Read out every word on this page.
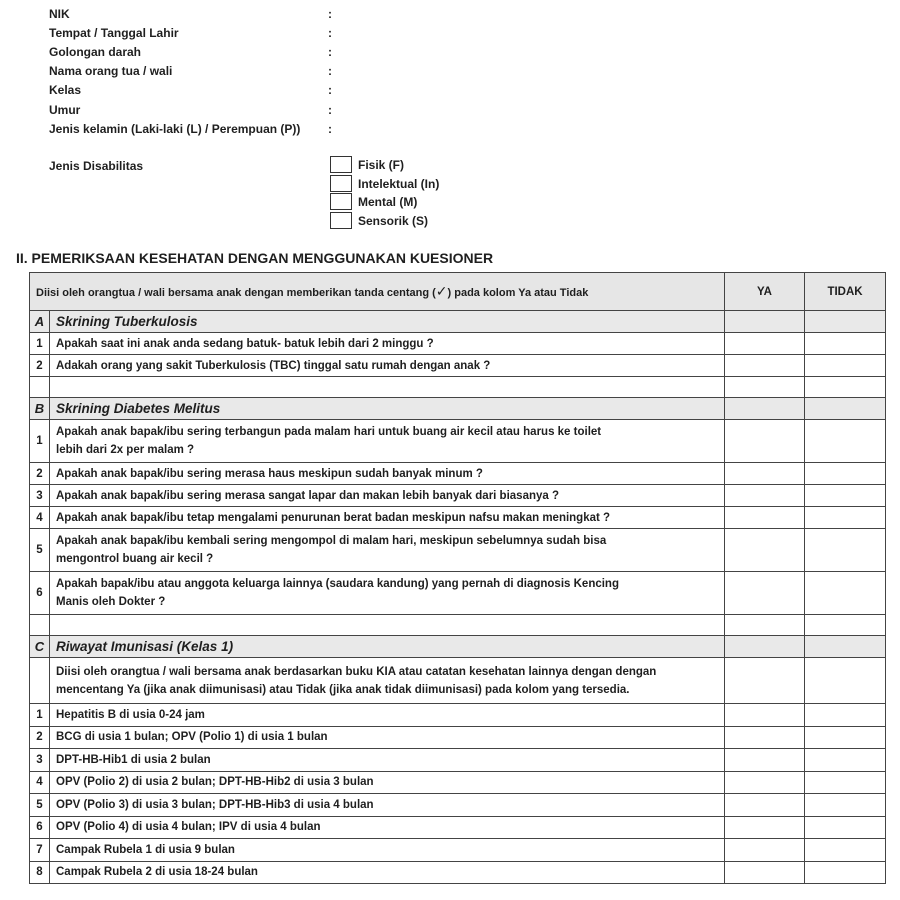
NIK	:
Tempat / Tanggal Lahir	:
Golongan darah	:
Nama orang tua / wali	:
Kelas	:
Umur	:
Jenis kelamin (Laki-laki (L) / Perempuan (P)) :
Jenis Disabilitas	Fisik (F)
Intelektual (In)
Mental (M)
Sensorik (S)
II. PEMERIKSAAN KESEHATAN DENGAN MENGGUNAKAN KUESIONER
Diisi oleh orangtua / wali bersama anak dengan memberikan tanda centang (✓) pada kolom Ya atau Tidak		YA	TIDAK
A	Skrining Tuberkulosis		
1	Apakah saat ini anak anda sedang batuk- batuk lebih dari 2 minggu ?		
2	Adakah orang yang sakit Tuberkulosis (TBC) tinggal satu rumah dengan anak ?		

B	Skrining Diabetes Melitus		
1	Apakah anak bapak/ibu sering terbangun pada malam hari untuk buang air kecil atau harus ke toilet
lebih dari 2x per malam ?		

2	Apakah anak bapak/ibu sering merasa haus meskipun sudah banyak minum ?		
3	Apakah anak bapak/ibu sering merasa sangat lapar dan makan lebih banyak dari biasanya ?		
4	Apakah anak bapak/ibu tetap mengalami penurunan berat badan meskipun nafsu makan meningkat ?		
5	Apakah anak bapak/ibu kembali sering mengompol di malam hari, meskipun sebelumnya sudah bisa
mengontrol buang air kecil ?		

6	Apakah bapak/ibu atau anggota keluarga lainnya (saudara kandung) yang pernah di diagnosis Kencing
Manis oleh Dokter ?		

C	Riwayat Imunisasi (Kelas 1)		

	Diisi oleh orangtua / wali bersama anak berdasarkan buku KIA atau catatan kesehatan lainnya dengan dengan
mencentang Ya (jika anak diimunisasi) atau Tidak (jika anak tidak diimunisasi) pada kolom yang tersedia.		

1	Hepatitis B di usia 0-24 jam		
2	BCG di usia 1 bulan; OPV (Polio 1) di usia 1 bulan		
3	DPT-HB-Hib1 di usia 2 bulan		
4	OPV (Polio 2) di usia 2 bulan; DPT-HB-Hib2 di usia 3 bulan		
5	OPV (Polio 3) di usia 3 bulan; DPT-HB-Hib3 di usia 4 bulan		
6	OPV (Polio 4) di usia 4 bulan; IPV di usia 4 bulan		
7	Campak Rubela 1 di usia 9 bulan		
8	Campak Rubela 2 di usia 18-24 bulan		
